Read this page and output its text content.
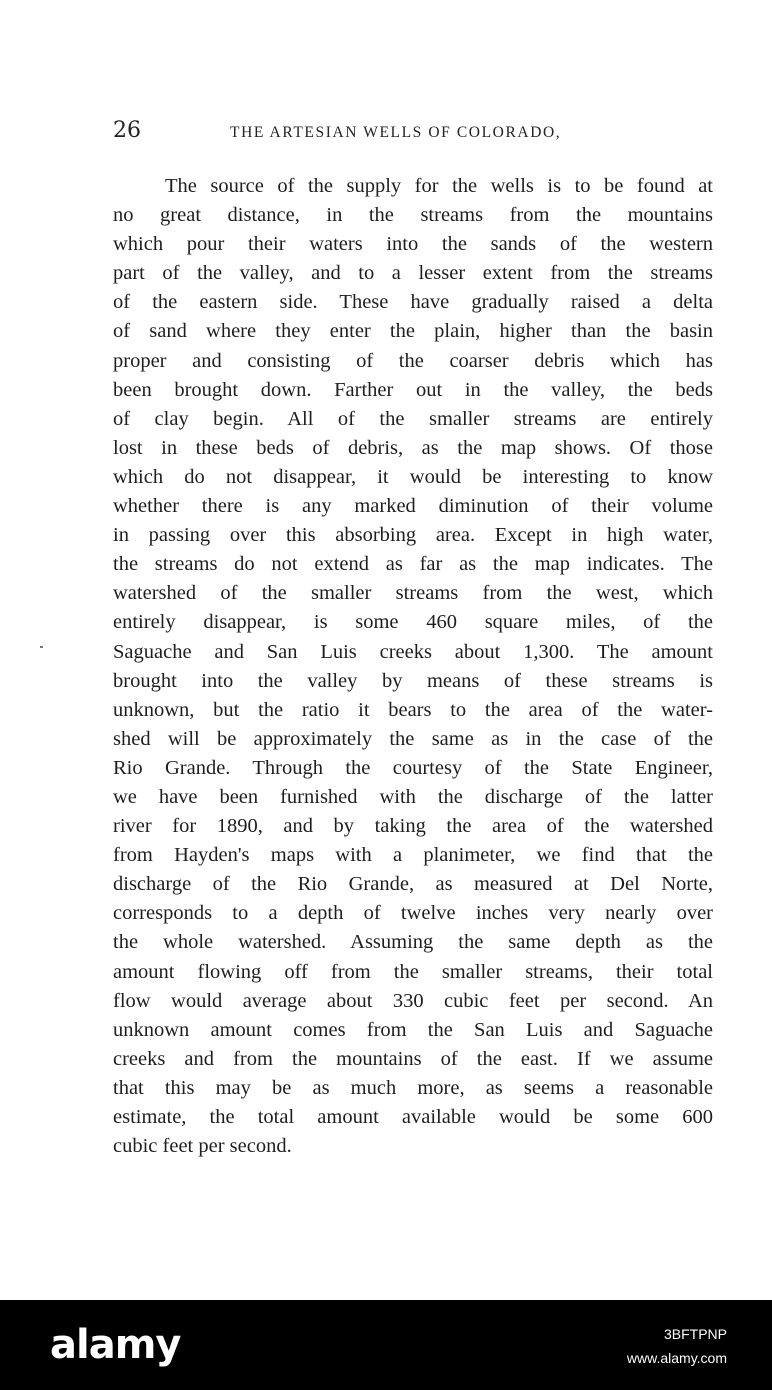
26	THE ARTESIAN WELLS OF COLORADO,
The source of the supply for the wells is to be found at
no great distance, in the streams from the mountains
which pour their waters into the sands of the western
part of the valley, and to a lesser extent from the streams
of the eastern side. These have gradually raised a delta
of sand where they enter the plain, higher than the basin
proper and consisting of the coarser debris which has
been brought down. Farther out in the valley, the beds
of clay begin. All of the smaller streams are entirely
lost in these beds of debris, as the map shows. Of those
which do not disappear, it would be interesting to know
whether there is any marked diminution of their volume
in passing over this absorbing area. Except in high water,
the streams do not extend as far as the map indicates. The
watershed of the smaller streams from the west, which
entirely disappear, is some 460 square miles, of the
Saguache and San Luis creeks about 1,300. The amount
brought into the valley by means of these streams is
unknown, but the ratio it bears to the area of the water-
shed will be approximately the same as in the case of the
Rio Grande. Through the courtesy of the State Engineer,
we have been furnished with the discharge of the latter
river for 1890, and by taking the area of the watershed
from Hayden's maps with a planimeter, we find that the
discharge of the Rio Grande, as measured at Del Norte,
corresponds to a depth of twelve inches very nearly over
the whole watershed. Assuming the same depth as the
amount flowing off from the smaller streams, their total
flow would average about 330 cubic feet per second. An
unknown amount comes from the San Luis and Saguache
creeks and from the mountains of the east. If we assume
that this may be as much more, as seems a reasonable
estimate, the total amount available would be some 600
cubic feet per second.
alamy	3BFTPNP
www.alamy.com
